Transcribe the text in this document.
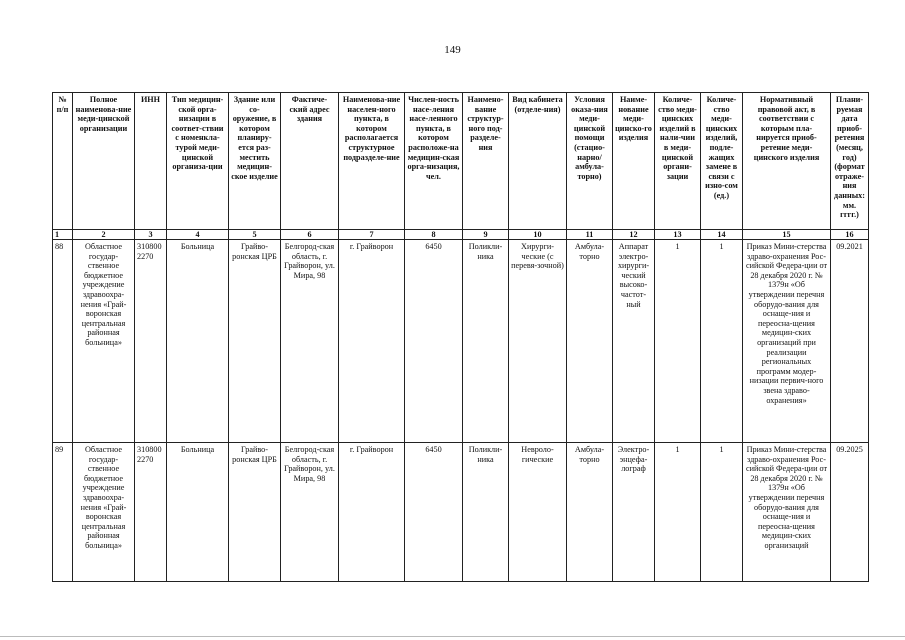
149
№ п/п	Полное наименова-ние меди-цинской организации	ИНН	Тип медицин-ской орга-низации в соответ-ствии с номенкла-турой меди-цинской организа-ции	Здание или со-оружение, в котором планиру-ется раз-местить медицин-ское изделие	Фактиче-ский адрес здания	Наименова-ние населен-ного пункта, в котором располагается структурное подразделе-ние	Числен-ность насе-ления насе-ленного пункта, в котором расположе-на медицин-ская орга-низация, чел.	Наимено-вание структур-ного под-разделе-ния	Вид кабинета (отделе-ния)	Условия оказа-ния меди-цинской помощи (стацио-нарно/ амбула-торно)	Наиме-нование меди-цинско-го изделия	Количе-ство меди-цинских изделий в нали-чии в меди-цинской органи-зации	Количе-ство меди-цинских изделий, подле-жащих замене в связи с изно-сом (ед.)	Нормативный правовой акт, в соответствии с которым пла-нируется приоб-ретение меди-цинского изделия	Плани-руемая дата приоб-ретения (месяц, год) (формат отраже-ния данных: мм. гггг.)
1	2	3	4	5	6	7	8	9	10	11	12	13	14	15	16
88	Областное государ-ственное бюджетное учреждение здравоохра-нения «Грай-воронская центральная районная больница»	310800 2270	Больница	Грайво-ронская ЦРБ	Белгород-ская область, г. Грайворон, ул. Мира, 98	г. Грайворон	6450	Поликли-ника	Хирурги-ческие (с перевя-зочной)	Амбула-торно	Аппарат электро-хирурги-ческий высоко-частот-ный	1	1	Приказ Мини-стерства здраво-охранения Рос-сийской Федера-ции от 28 декабря 2020 г. № 1379н «Об утверждении перечня оборудо-вания для оснаще-ния и переосна-щения медицин-ских организаций при реализации региональных программ модер-низации первич-ного звена здраво-охранения»	09.2021
89	Областное государ-ственное бюджетное учреждение здравоохра-нения «Грай-воронская центральная районная больница»	310800 2270	Больница	Грайво-ронская ЦРБ	Белгород-ская область, г. Грайворон, ул. Мира, 98	г. Грайворон	6450	Поликли-ника	Невроло-гические	Амбула-торно	Электро-энцефа-лограф	1	1	Приказ Мини-стерства здраво-охранения Рос-сийской Федера-ции от 28 декабря 2020 г. № 1379н «Об утверждении перечня оборудо-вания для оснаще-ния и переосна-щения медицин-ских организаций	09.2025
